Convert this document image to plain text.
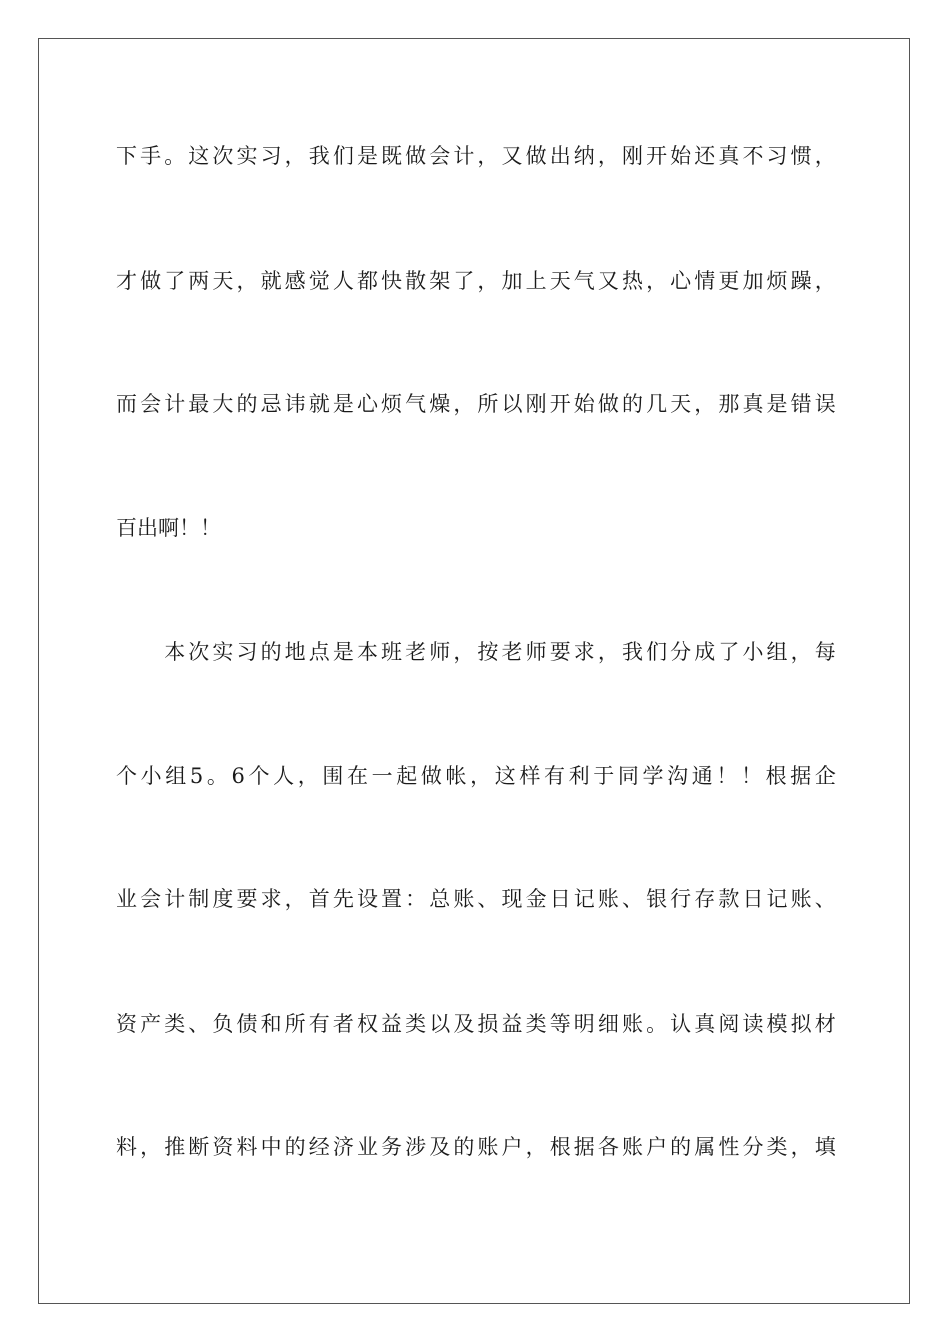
下 手 。 这 次 实 习 ， 我 们 是 既 做 会 计 ， 又 做 出 纳 ， 刚 开 始 还 真 不 习 惯 ，
才 做 了 两 天 ， 就 感 觉 人 都 快 散 架 了 ， 加 上 天 气 又 热 ， 心 情 更 加 烦 躁 ，
而 会 计 最 大 的 忌 讳 就 是 心 烦 气 燥 ， 所 以 刚 开 始 做 的 几 天 ， 那 真 是 错 误
百出啊！！

本 次 实 习 的 地 点 是 本 班 老 师 ， 按 老 师 要 求 ， 我 们 分 成 了 小 组 ， 每
个 小 组 5 。 6 个 人 ， 围 在 一 起 做 帐 ， 这 样 有 利 于 同 学 沟 通 ！ ！ 根 据 企
业 会 计 制 度 要 求 ， 首 先 设 置 ： 总 账 、 现 金 日 记 账 、 银 行 存 款 日 记 账 、
资 产 类 、 负 债 和 所 有 者 权 益 类 以 及 损 益 类 等 明 细 账 。 认 真 阅 读 模 拟 材
料 ， 推 断 资 料 中 的 经 济 业 务 涉 及 的 账 户 ， 根 据 各 账 户 的 属 性 分 类 ， 填
